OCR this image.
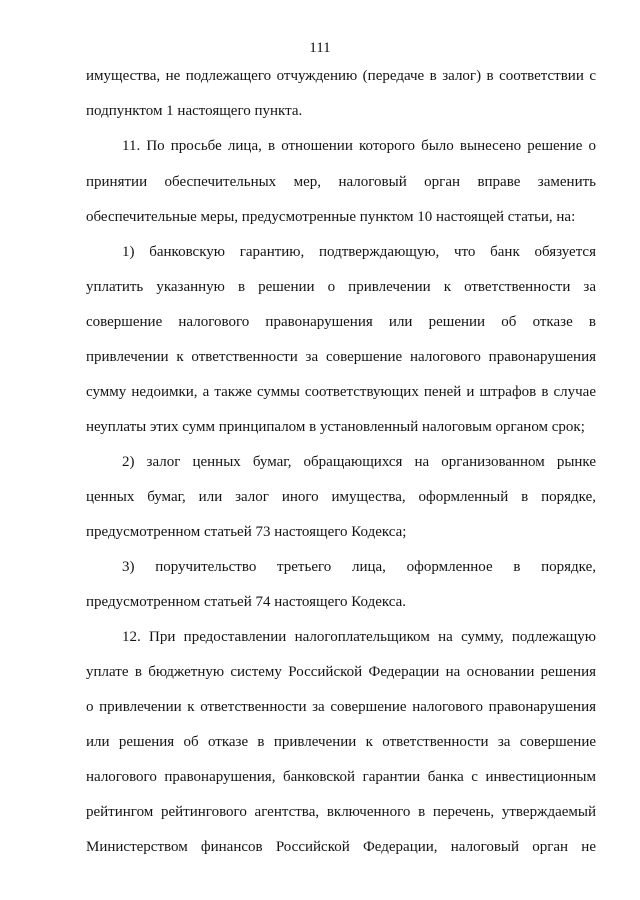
111
имущества, не подлежащего отчуждению (передаче в залог) в соответствии с
подпунктом 1 настоящего пункта.
11. По просьбе лица, в отношении которого было вынесено решение о
принятии обеспечительных мер, налоговый орган вправе заменить
обеспечительные меры, предусмотренные пунктом 10 настоящей статьи, на:
1) банковскую гарантию, подтверждающую, что банк обязуется
уплатить указанную в решении о привлечении к ответственности за
совершение налогового правонарушения или решении об отказе в
привлечении к ответственности за совершение налогового правонарушения
сумму недоимки, а также суммы соответствующих пеней и штрафов в случае
неуплаты этих сумм принципалом в установленный налоговым органом срок;
2) залог ценных бумаг, обращающихся на организованном рынке
ценных бумаг, или залог иного имущества, оформленный в порядке,
предусмотренном статьей 73 настоящего Кодекса;
3) поручительство третьего лица, оформленное в порядке,
предусмотренном статьей 74 настоящего Кодекса.
12. При предоставлении налогоплательщиком на сумму, подлежащую
уплате в бюджетную систему Российской Федерации на основании решения
о привлечении к ответственности за совершение налогового правонарушения
или решения об отказе в привлечении к ответственности за совершение
налогового правонарушения, банковской гарантии банка с инвестиционным
рейтингом рейтингового агентства, включенного в перечень, утверждаемый
Министерством финансов Российской Федерации, налоговый орган не
